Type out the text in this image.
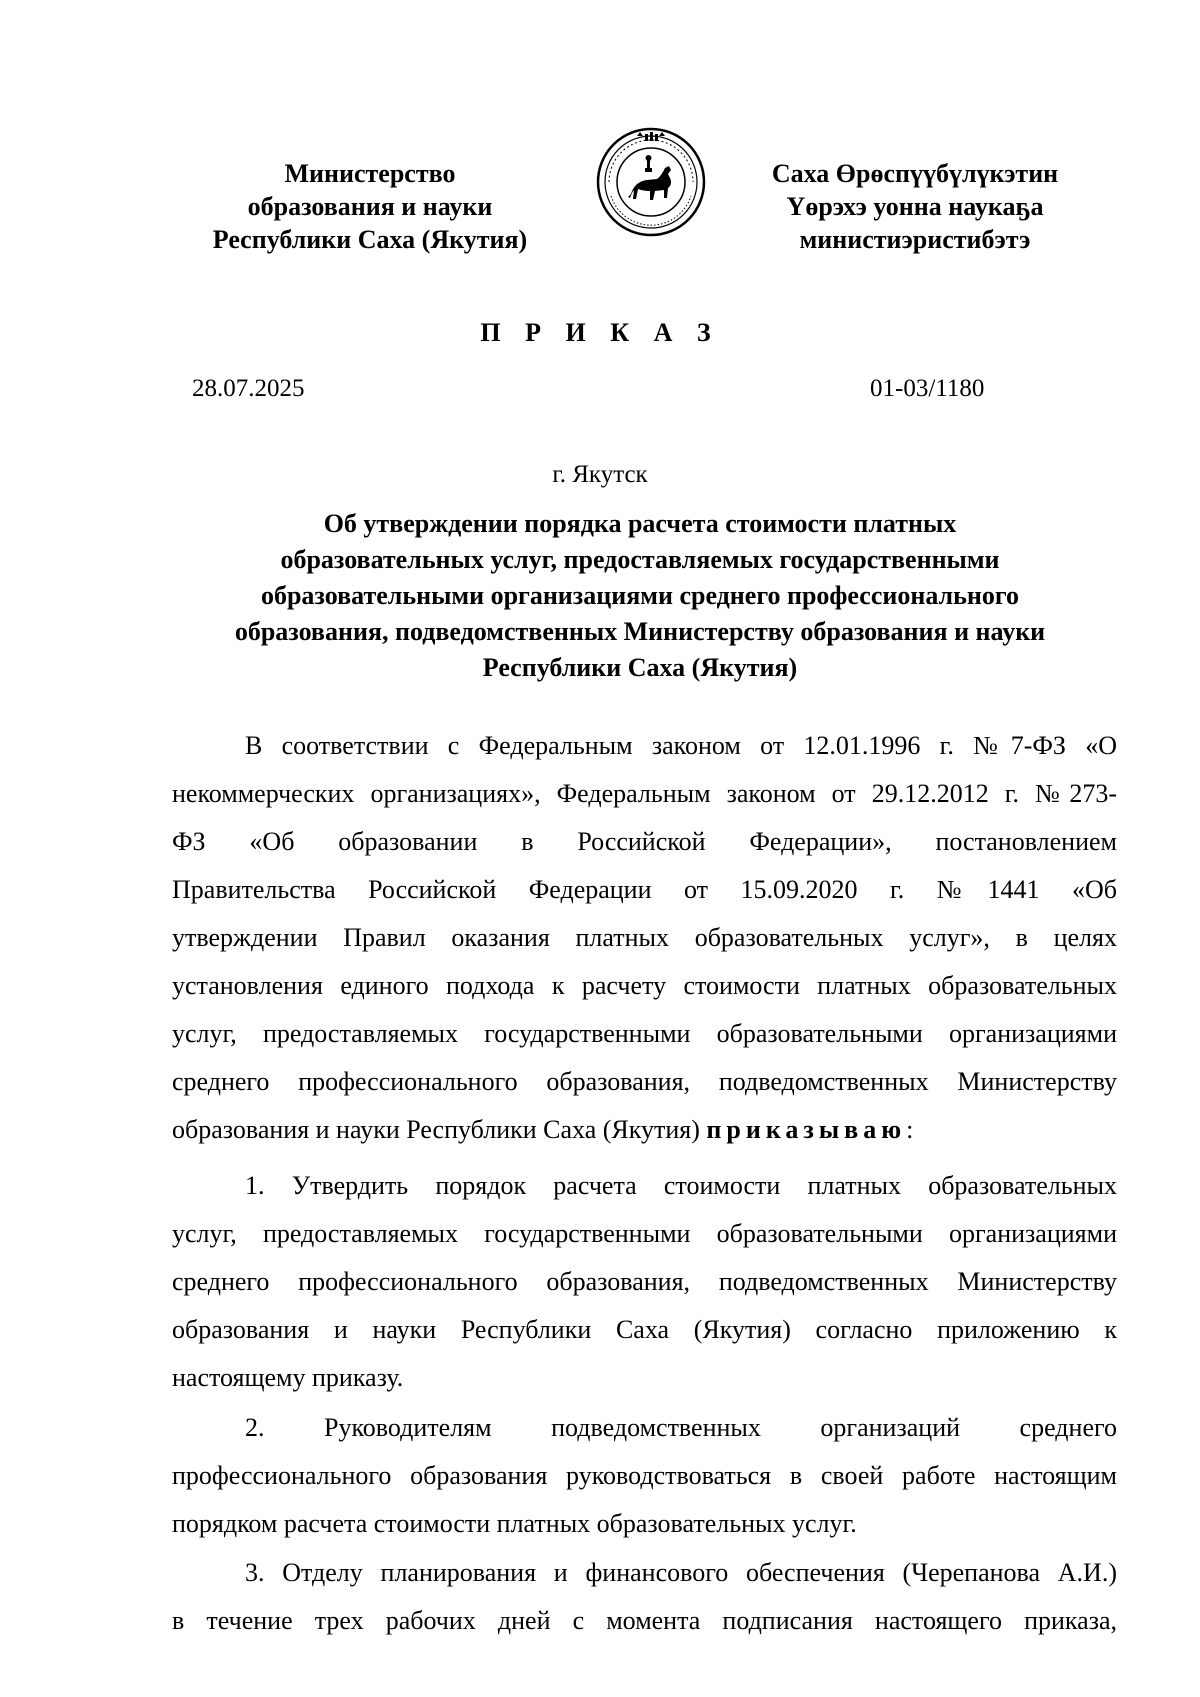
Министерство
образования и науки
Республики Саха (Якутия)
Саха Өрөспүүбүлүкэтин
Үөрэхэ уонна наукаҕа
министиэристибэтэ
П Р И К А З
28.07.2025	01-03/1180
г. Якутск
Об утверждении порядка расчета стоимости платных
образовательных услуг, предоставляемых государственными
образовательными организациями среднего профессионального
образования, подведомственных Министерству образования и науки
Республики Саха (Якутия)
В соответствии с Федеральным законом от 12.01.1996 г. №7-ФЗ «О
некоммерческих организациях», Федеральным законом от 29.12.2012 г. №273-
ФЗ «Об образовании в Российской Федерации», постановлением
Правительства Российской Федерации от 15.09.2020 г. №1441 «Об
утверждении Правил оказания платных образовательных услуг», в целях
установления единого подхода к расчету стоимости платных образовательных
услуг, предоставляемых государственными образовательными организациями
среднего профессионального образования, подведомственных Министерству
образования и науки Республики Саха (Якутия) приказываю:
1. Утвердить порядок расчета стоимости платных образовательных
услуг, предоставляемых государственными образовательными организациями
среднего профессионального образования, подведомственных Министерству
образования и науки Республики Саха (Якутия) согласно приложению к
настоящему приказу.
2. Руководителям подведомственных организаций среднего
профессионального образования руководствоваться в своей работе настоящим
порядком расчета стоимости платных образовательных услуг.
3. Отделу планирования и финансового обеспечения (Черепанова А.И.)
в течение трех рабочих дней с момента подписания настоящего приказа,
